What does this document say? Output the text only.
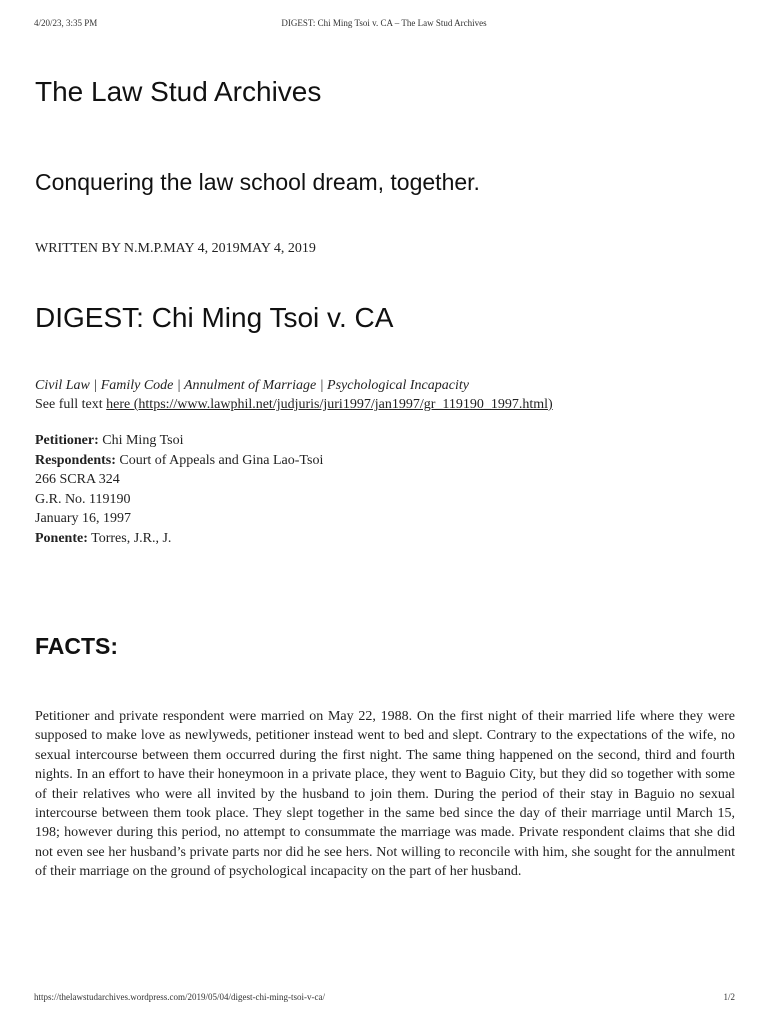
4/20/23, 3:35 PM	DIGEST: Chi Ming Tsoi v. CA – The Law Stud Archives
The Law Stud Archives
Conquering the law school dream, together.
WRITTEN BY N.M.P.MAY 4, 2019MAY 4, 2019
DIGEST: Chi Ming Tsoi v. CA
Civil Law | Family Code | Annulment of Marriage | Psychological Incapacity
See full text here (https://www.lawphil.net/judjuris/juri1997/jan1997/gr_119190_1997.html)
Petitioner: Chi Ming Tsoi
Respondents: Court of Appeals and Gina Lao-Tsoi
266 SCRA 324
G.R. No. 119190
January 16, 1997
Ponente: Torres, J.R., J.
FACTS:

Petitioner and private respondent were married on May 22, 1988. On the first night of their married life where they were supposed to make love as newlyweds, petitioner instead went to bed and slept. Contrary to the expectations of the wife, no sexual intercourse between them occurred during the first night. The same thing happened on the second, third and fourth nights. In an effort to have their honeymoon in a private place, they went to Baguio City, but they did so together with some of their relatives who were all invited by the husband to join them. During the period of their stay in Baguio no sexual intercourse between them took place. They slept together in the same bed since the day of their marriage until March 15, 198; however during this period, no attempt to consummate the marriage was made. Private respondent claims that she did not even see her husband’s private parts nor did he see hers. Not willing to reconcile with him, she sought for the annulment of their marriage on the ground of psychological incapacity on the part of her husband.

https://thelawstudarchives.wordpress.com/2019/05/04/digest-chi-ming-tsoi-v-ca/	1/2
